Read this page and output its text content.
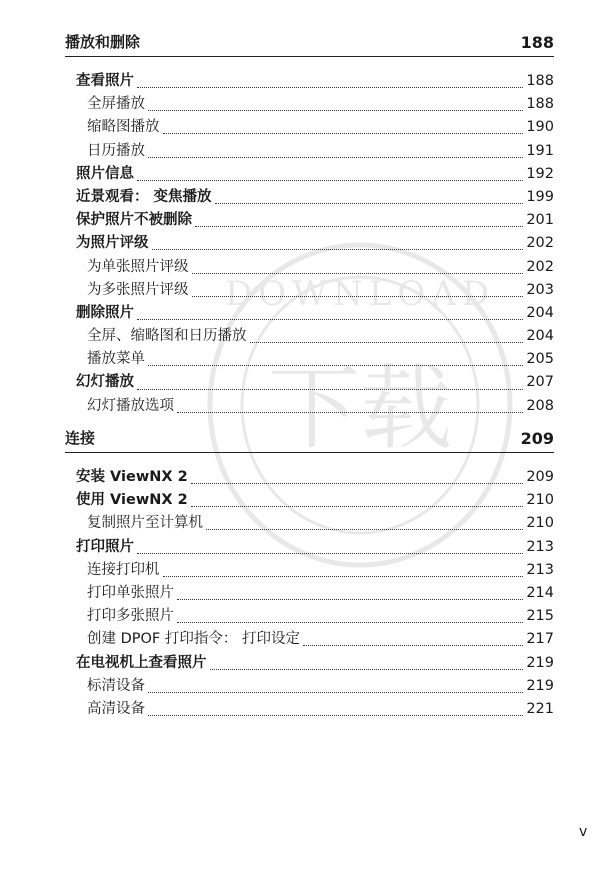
下载
DOWNLOAD
播放和删除	188
查看照片	188
全屏播放	188
缩略图播放	190
日历播放	191
照片信息	192
近景观看： 变焦播放	199
保护照片不被删除	201
为照片评级	202
为单张照片评级	202
为多张照片评级	203
删除照片	204
全屏、缩略图和日历播放	204
播放菜单	205
幻灯播放	207
幻灯播放选项	208
连接	209
安装 ViewNX 2	209
使用 ViewNX 2	210
复制照片至计算机	210
打印照片	213
连接打印机	213
打印单张照片	214
打印多张照片	215
创建 DPOF 打印指令： 打印设定	217
在电视机上查看照片	219
标清设备	219
高清设备	221
v
